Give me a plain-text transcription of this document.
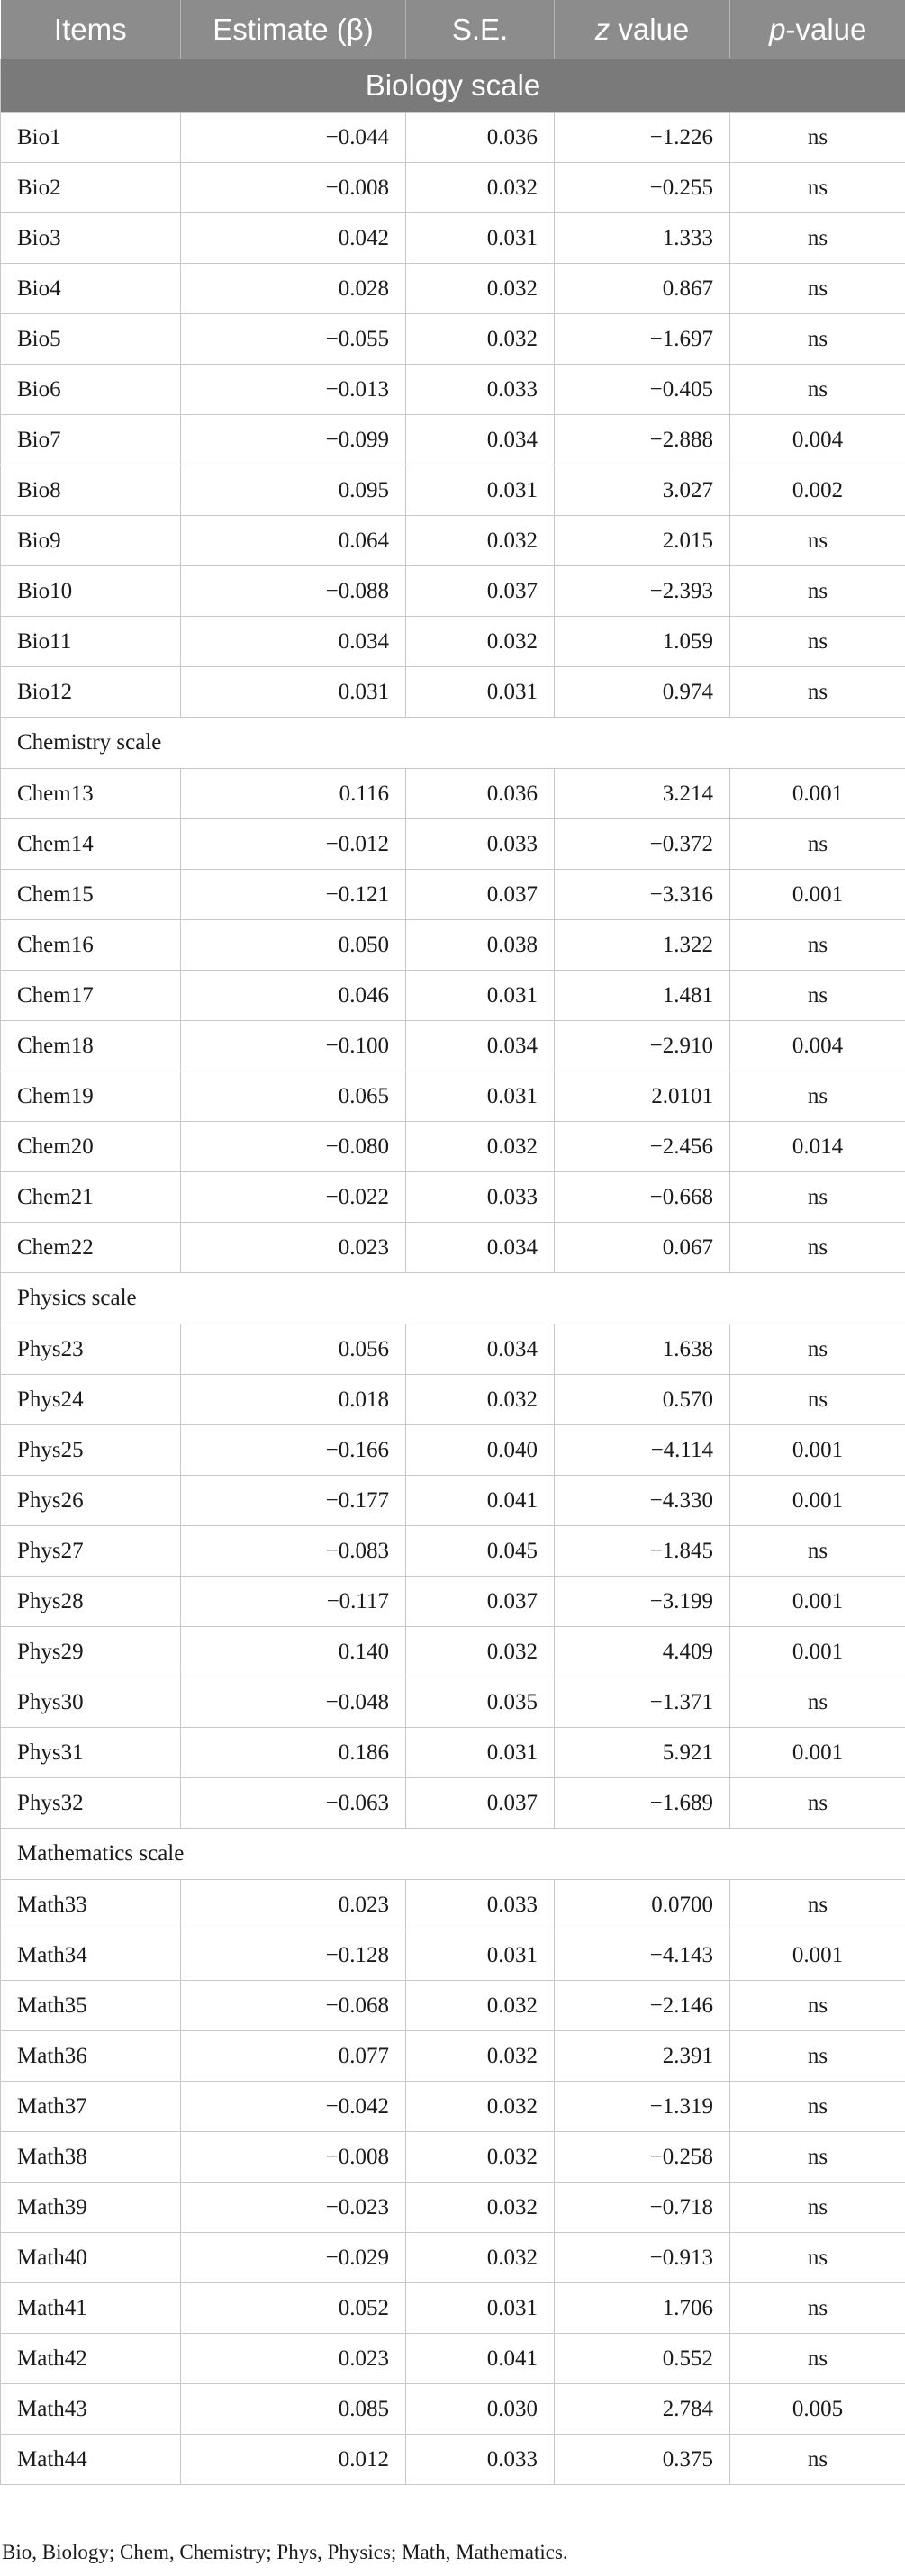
Items	Estimate (β)	S.E.	z value	p-value
Biology scale				
Bio1	−0.044	0.036	−1.226	ns
Bio2	−0.008	0.032	−0.255	ns
Bio3	0.042	0.031	1.333	ns
Bio4	0.028	0.032	0.867	ns
Bio5	−0.055	0.032	−1.697	ns
Bio6	−0.013	0.033	−0.405	ns
Bio7	−0.099	0.034	−2.888	0.004
Bio8	0.095	0.031	3.027	0.002
Bio9	0.064	0.032	2.015	ns
Bio10	−0.088	0.037	−2.393	ns
Bio11	0.034	0.032	1.059	ns
Bio12	0.031	0.031	0.974	ns
Chemistry scale				
Chem13	0.116	0.036	3.214	0.001
Chem14	−0.012	0.033	−0.372	ns
Chem15	−0.121	0.037	−3.316	0.001
Chem16	0.050	0.038	1.322	ns
Chem17	0.046	0.031	1.481	ns
Chem18	−0.100	0.034	−2.910	0.004
Chem19	0.065	0.031	2.0101	ns
Chem20	−0.080	0.032	−2.456	0.014
Chem21	−0.022	0.033	−0.668	ns
Chem22	0.023	0.034	0.067	ns
Physics scale				
Phys23	0.056	0.034	1.638	ns
Phys24	0.018	0.032	0.570	ns
Phys25	−0.166	0.040	−4.114	0.001
Phys26	−0.177	0.041	−4.330	0.001
Phys27	−0.083	0.045	−1.845	ns
Phys28	−0.117	0.037	−3.199	0.001
Phys29	0.140	0.032	4.409	0.001
Phys30	−0.048	0.035	−1.371	ns
Phys31	0.186	0.031	5.921	0.001
Phys32	−0.063	0.037	−1.689	ns
Mathematics scale				
Math33	0.023	0.033	0.0700	ns
Math34	−0.128	0.031	−4.143	0.001
Math35	−0.068	0.032	−2.146	ns
Math36	0.077	0.032	2.391	ns
Math37	−0.042	0.032	−1.319	ns
Math38	−0.008	0.032	−0.258	ns
Math39	−0.023	0.032	−0.718	ns
Math40	−0.029	0.032	−0.913	ns
Math41	0.052	0.031	1.706	ns
Math42	0.023	0.041	0.552	ns
Math43	0.085	0.030	2.784	0.005
Math44	0.012	0.033	0.375	ns

Bio, Biology; Chem, Chemistry; Phys, Physics; Math, Mathematics.
